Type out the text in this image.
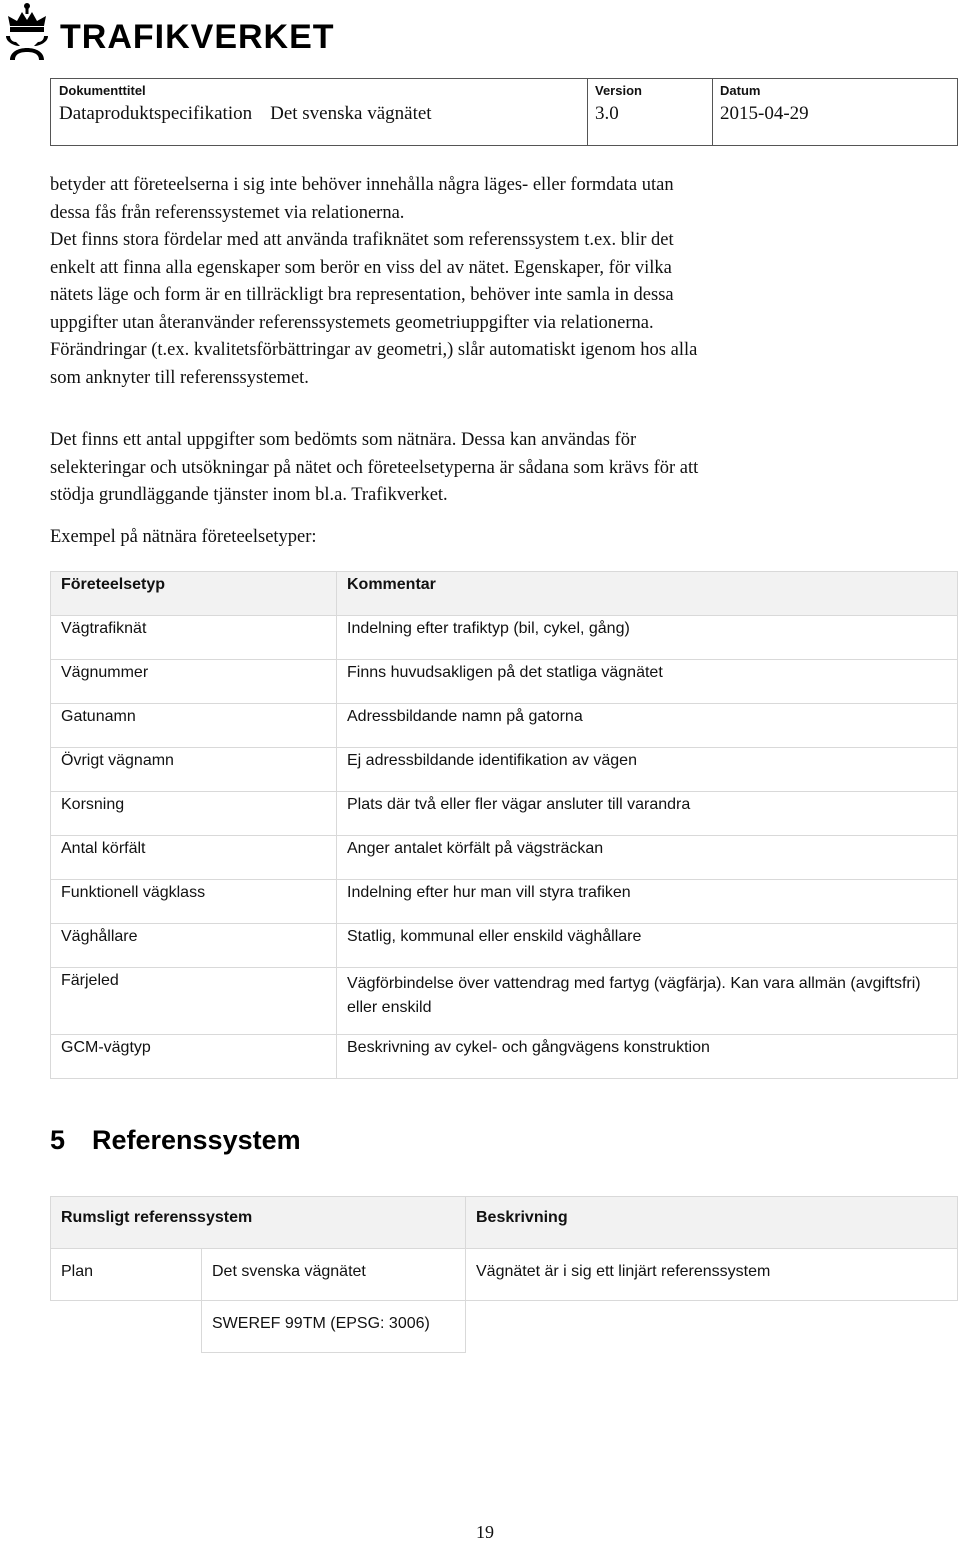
TRAFIKVERKET
Dokumenttitel
Dataproduktspecifikation Det svenska vägnätet
Version
3.0
Datum
2015-04-29
betyder att företeelserna i sig inte behöver innehålla några läges- eller formdata utan
dessa fås från referenssystemet via relationerna.
Det finns stora fördelar med att använda trafiknätet som referenssystem t.ex. blir det
enkelt att finna alla egenskaper som berör en viss del av nätet. Egenskaper, för vilka
nätets läge och form är en tillräckligt bra representation, behöver inte samla in dessa
uppgifter utan återanvänder referenssystemets geometriuppgifter via relationerna.
Förändringar (t.ex. kvalitetsförbättringar av geometri,) slår automatiskt igenom hos alla
som anknyter till referenssystemet.
Det finns ett antal uppgifter som bedömts som nätnära. Dessa kan användas för
selekteringar och utsökningar på nätet och företeelsetyperna är sådana som krävs för att
stödja grundläggande tjänster inom bl.a. Trafikverket.
Exempel på nätnära företeelsetyper:
Företeelsetyp	Kommentar
Vägtrafiknät	Indelning efter trafiktyp (bil, cykel, gång)
Vägnummer	Finns huvudsakligen på det statliga vägnätet
Gatunamn	Adressbildande namn på gatorna
Övrigt vägnamn	Ej adressbildande identifikation av vägen
Korsning	Plats där två eller fler vägar ansluter till varandra
Antal körfält	Anger antalet körfält på vägsträckan
Funktionell vägklass	Indelning efter hur man vill styra trafiken
Väghållare	Statlig, kommunal eller enskild väghållare
Färjeled	Vägförbindelse över vattendrag med fartyg (vägfärja). Kan vara allmän (avgiftsfri) eller enskild
GCM-vägtyp	Beskrivning av cykel- och gångvägens konstruktion
5 Referenssystem
Rumsligt referenssystem		Beskrivning
Plan	Det svenska vägnätet	Vägnätet är i sig ett linjärt referenssystem
	SWEREF 99TM (EPSG: 3006)	
19
